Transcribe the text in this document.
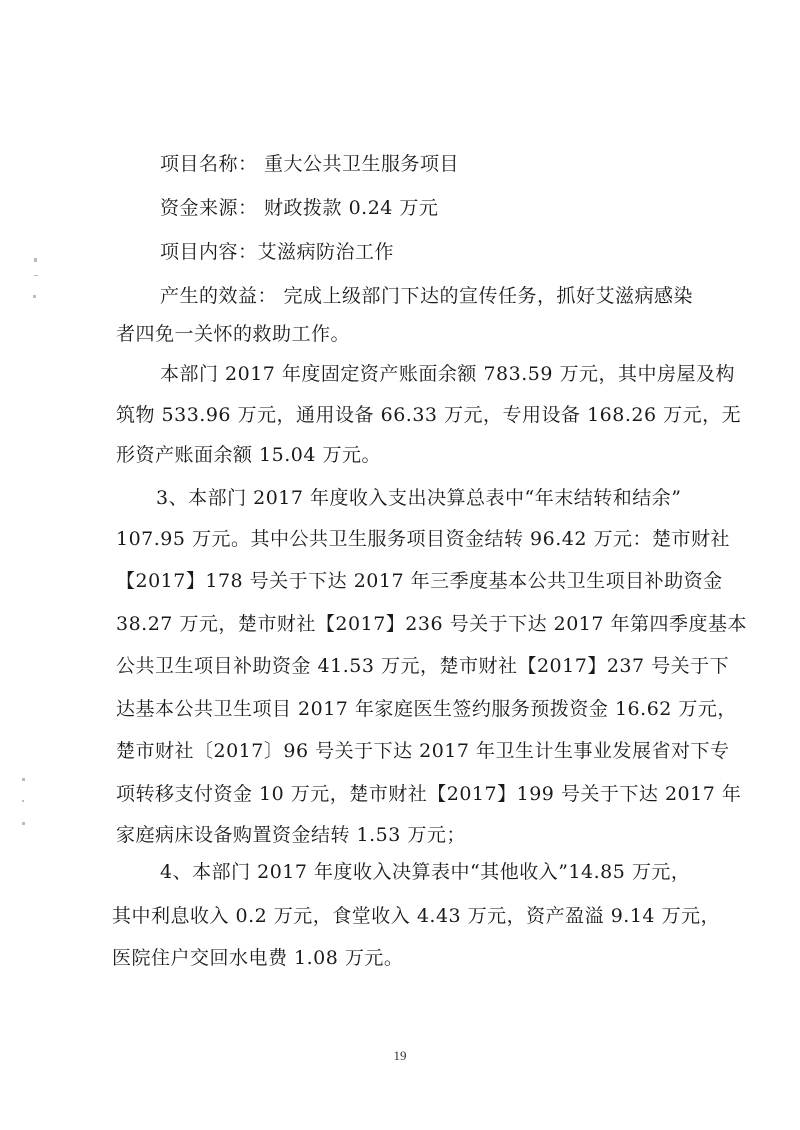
项目名称： 重大公共卫生服务项目
资金来源： 财政拨款 0.24 万元
项目内容：艾滋病防治工作
产生的效益： 完成上级部门下达的宣传任务，抓好艾滋病感染
者四免一关怀的救助工作。
本部门 2017 年度固定资产账面余额 783.59 万元，其中房屋及构
筑物 533.96 万元，通用设备 66.33 万元，专用设备 168.26 万元，无
形资产账面余额 15.04 万元。
3、本部门 2017 年度收入支出决算总表中“年末结转和结余”
107.95 万元。其中公共卫生服务项目资金结转 96.42 万元：楚市财社
【2017】178 号关于下达 2017 年三季度基本公共卫生项目补助资金
38.27 万元，楚市财社【2017】236 号关于下达 2017 年第四季度基本
公共卫生项目补助资金 41.53 万元，楚市财社【2017】237 号关于下
达基本公共卫生项目 2017 年家庭医生签约服务预拨资金 16.62 万元，
楚市财社〔2017〕96 号关于下达 2017 年卫生计生事业发展省对下专
项转移支付资金 10 万元，楚市财社【2017】199 号关于下达 2017 年
家庭病床设备购置资金结转 1.53 万元；
4、本部门 2017 年度收入决算表中“其他收入”14.85 万元，
其中利息收入 0.2 万元，食堂收入 4.43 万元，资产盈溢 9.14 万元，
医院住户交回水电费 1.08 万元。
19
